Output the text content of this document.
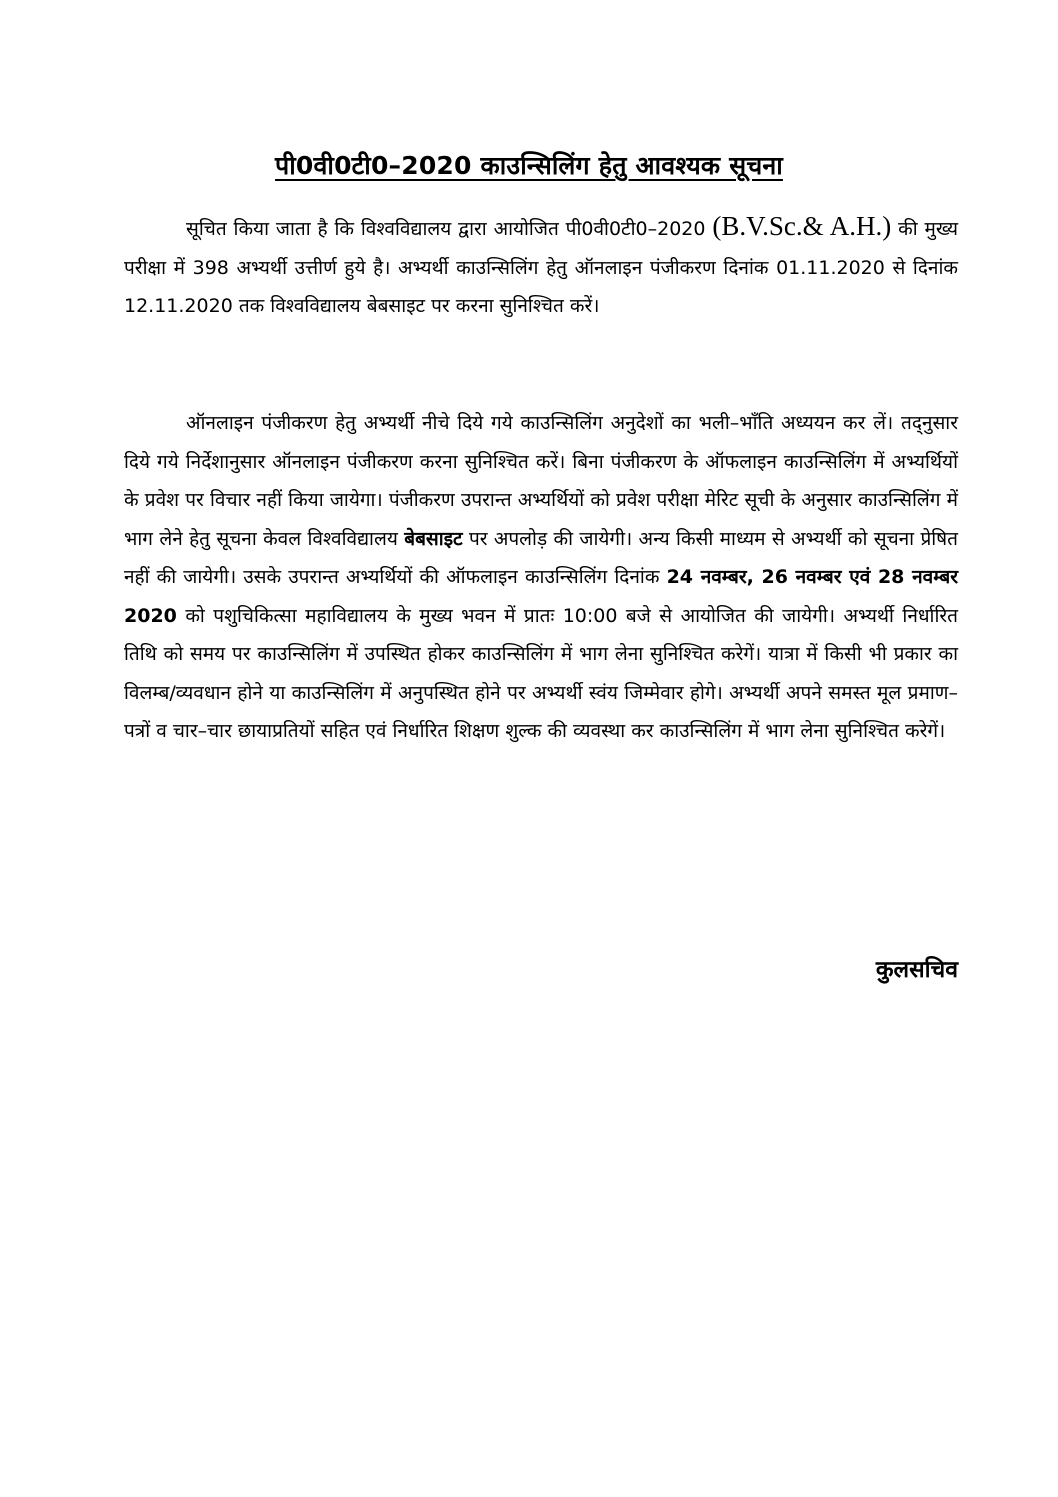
पी0वी0टी0–2020 काउन्सिलिंग हेतु आवश्यक सूचना

सूचित किया जाता है कि विश्वविद्यालय द्वारा आयोजित पी0वी0टी0–2020 (B.V.Sc.& A.H.) की मुख्य परीक्षा में 398 अभ्यर्थी उत्तीर्ण हुये है। अभ्यर्थी काउन्सिलिंग हेतु ऑनलाइन पंजीकरण दिनांक 01.11.2020 से दिनांक 12.11.2020 तक विश्वविद्यालय बेबसाइट पर करना सुनिश्चित करें।

ऑनलाइन पंजीकरण हेतु अभ्यर्थी नीचे दिये गये काउन्सिलिंग अनुदेशों का भली–भाँति अध्ययन कर लें। तद्नुसार दिये गये निर्देशानुसार ऑनलाइन पंजीकरण करना सुनिश्चित करें। बिना पंजीकरण के ऑफलाइन काउन्सिलिंग में अभ्यर्थियों के प्रवेश पर विचार नहीं किया जायेगा। पंजीकरण उपरान्त अभ्यर्थियों को प्रवेश परीक्षा मेरिट सूची के अनुसार काउन्सिलिंग में भाग लेने हेतु सूचना केवल विश्वविद्यालय बेबसाइट पर अपलोड़ की जायेगी। अन्य किसी माध्यम से अभ्यर्थी को सूचना प्रेषित नहीं की जायेगी। उसके उपरान्त अभ्यर्थियों की ऑफलाइन काउन्सिलिंग दिनांक 24 नवम्बर, 26 नवम्बर एवं 28 नवम्बर 2020 को पशुचिकित्सा महाविद्यालय के मुख्य भवन में प्रातः 10:00 बजे से आयोजित की जायेगी। अभ्यर्थी निर्धारित तिथि को समय पर काउन्सिलिंग में उपस्थित होकर काउन्सिलिंग में भाग लेना सुनिश्चित करेगें। यात्रा में किसी भी प्रकार का विलम्ब/व्यवधान होने या काउन्सिलिंग में अनुपस्थित होने पर अभ्यर्थी स्वंय जिम्मेवार होगे। अभ्यर्थी अपने समस्त मूल प्रमाण–पत्रों व चार–चार छायाप्रतियों सहित एवं निर्धारित शिक्षण शुल्क की व्यवस्था कर काउन्सिलिंग में भाग लेना सुनिश्चित करेगें।

कुलसचिव
